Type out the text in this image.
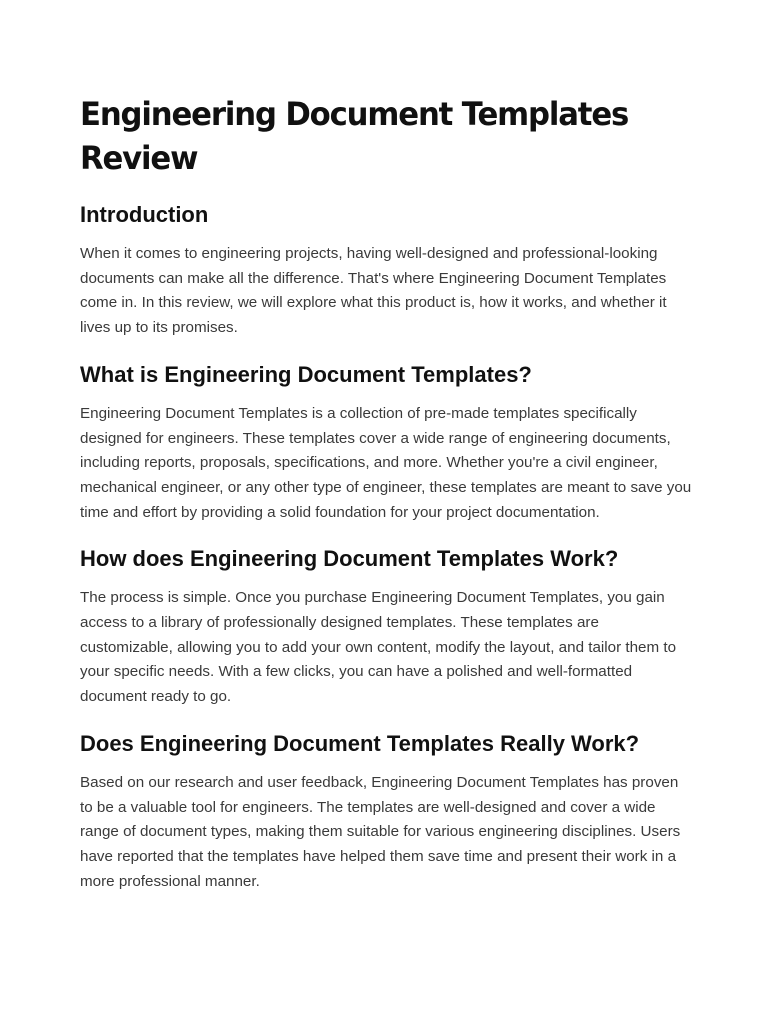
Engineering Document Templates Review
Introduction

When it comes to engineering projects, having well-designed and professional-looking documents can make all the difference. That's where Engineering Document Templates come in. In this review, we will explore what this product is, how it works, and whether it lives up to its promises.

What is Engineering Document Templates?

Engineering Document Templates is a collection of pre-made templates specifically designed for engineers. These templates cover a wide range of engineering documents, including reports, proposals, specifications, and more. Whether you're a civil engineer, mechanical engineer, or any other type of engineer, these templates are meant to save you time and effort by providing a solid foundation for your project documentation.

How does Engineering Document Templates Work?

The process is simple. Once you purchase Engineering Document Templates, you gain access to a library of professionally designed templates. These templates are customizable, allowing you to add your own content, modify the layout, and tailor them to your specific needs. With a few clicks, you can have a polished and well-formatted document ready to go.

Does Engineering Document Templates Really Work?

Based on our research and user feedback, Engineering Document Templates has proven to be a valuable tool for engineers. The templates are well-designed and cover a wide range of document types, making them suitable for various engineering disciplines. Users have reported that the templates have helped them save time and present their work in a more professional manner.
